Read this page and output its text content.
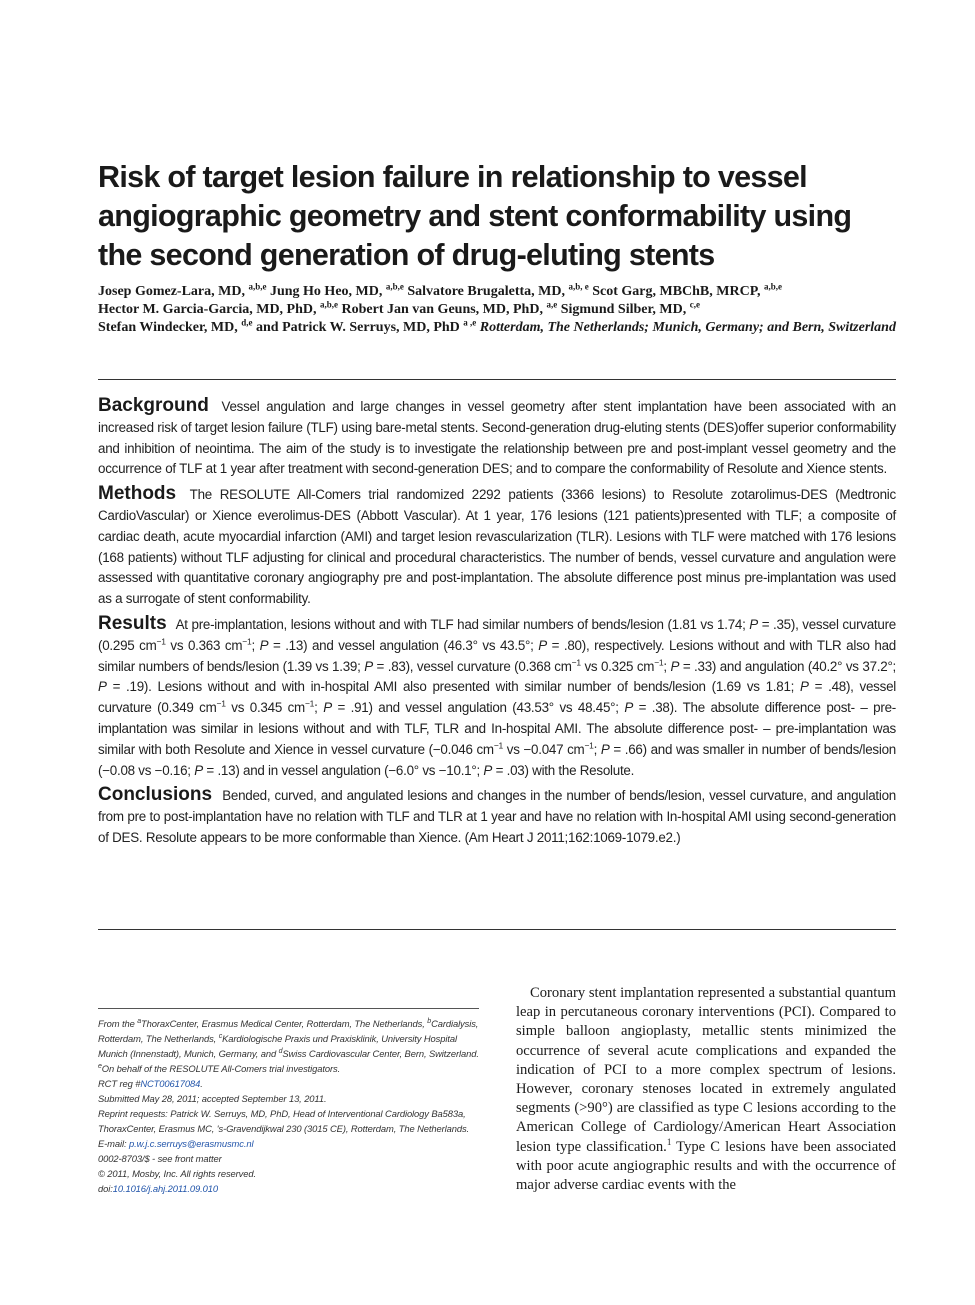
Risk of target lesion failure in relationship to vessel angiographic geometry and stent conformability using the second generation of drug-eluting stents
Josep Gomez-Lara, MD, $^{a,b,e}$ Jung Ho Heo, MD, $^{a,b,e}$ Salvatore Brugaletta, MD, $^{a,b, e}$ Scot Garg, MBChB, MRCP, $^{a,b,e}$
Hector M. Garcia-Garcia, MD, PhD, $^{a,b,e}$ Robert Jan van Geuns, MD, PhD, $^{a,e}$ Sigmund Silber, MD, $^{c,e}$
Stefan Windecker, MD, $^{d,e}$ and Patrick W. Serruys, MD, PhD $^{a ,e}$ Rotterdam, The Netherlands; Munich, Germany; and Bern, Switzerland

Background Vessel angulation and large changes in vessel geometry after stent implantation have been associated with an increased risk of target lesion failure (TLF) using bare-metal stents. Second-generation drug-eluting stents (DES)offer superior conformability and inhibition of neointima. The aim of the study is to investigate the relationship between pre and post-implant vessel geometry and the occurrence of TLF at 1 year after treatment with second-generation DES; and to compare the conformability of Resolute and Xience stents.

Methods The RESOLUTE All-Comers trial randomized 2292 patients (3366 lesions) to Resolute zotarolimus-DES (Medtronic CardioVascular) or Xience everolimus-DES (Abbott Vascular). At 1 year, 176 lesions (121 patients)presented with TLF; a composite of cardiac death, acute myocardial infarction (AMI) and target lesion revascularization (TLR). Lesions with TLF were matched with 176 lesions (168 patients) without TLF adjusting for clinical and procedural characteristics. The number of bends, vessel curvature and angulation were assessed with quantitative coronary angiography pre and post-implantation. The absolute difference post minus pre-implantation was used as a surrogate of stent conformability.

Results At pre-implantation, lesions without and with TLF had similar numbers of bends/lesion (1.81 vs 1.74; P = .35), vessel curvature (0.295 $cm^{-1}$ vs 0.363 $cm^{-1}$; P = .13) and vessel angulation (46.3° vs 43.5°; P = .80), respectively. Lesions without and with TLR also had similar numbers of bends/lesion (1.39 vs 1.39; P = .83), vessel curvature (0.368 $cm^{-1}$ vs 0.325 $cm^{-1}$; P = .33) and angulation (40.2° vs 37.2°; P = .19). Lesions without and with in-hospital AMI also presented with similar number of bends/lesion (1.69 vs 1.81; P = .48), vessel curvature (0.349 $cm^{-1}$ vs 0.345 $cm^{-1}$; P = .91) and vessel angulation (43.53° vs 48.45°; P = .38). The absolute difference post- – pre-implantation was similar in lesions without and with TLF, TLR and In-hospital AMI. The absolute difference post- – pre-implantation was similar with both Resolute and Xience in vessel curvature (−0.046 $cm^{-1}$ vs −0.047 $cm^{-1}$; P = .66) and was smaller in number of bends/lesion (−0.08 vs −0.16; P = .13) and in vessel angulation (−6.0° vs −10.1°; P = .03) with the Resolute.

Conclusions Bended, curved, and angulated lesions and changes in the number of bends/lesion, vessel curvature, and angulation from pre to post-implantation have no relation with TLF and TLR at 1 year and have no relation with In-hospital AMI using second-generation of DES. Resolute appears to be more conformable than Xience. (Am Heart J 2011;162:1069-1079.e2.)

From the $^a$ThoraxCenter, Erasmus Medical Center, Rotterdam, The Netherlands, $^b$Cardialysis, Rotterdam, The Netherlands, $^c$Kardiologische Praxis und Praxisklinik, University Hospital Munich (Innenstadt), Munich, Germany, and $^d$Swiss Cardiovascular Center, Bern, Switzerland.
$^e$On behalf of the RESOLUTE All-Comers trial investigators.
RCT reg #NCT00617084.
Submitted May 28, 2011; accepted September 13, 2011.
Reprint requests: Patrick W. Serruys, MD, PhD, Head of Interventional Cardiology Ba583a, ThoraxCenter, Erasmus MC, 's-Gravendijkwal 230 (3015 CE), Rotterdam, The Netherlands.
E-mail: p.w.j.c.serruys@erasmusmc.nl
0002-8703/$ - see front matter
© 2011, Mosby, Inc. All rights reserved.
doi:10.1016/j.ahj.2011.09.010
Coronary stent implantation represented a substantial quantum leap in percutaneous coronary interventions (PCI). Compared to simple balloon angioplasty, metallic stents minimized the occurrence of several acute complications and expanded the indication of PCI to a more complex spectrum of lesions. However, coronary stenoses located in extremely angulated segments (>90°) are classified as type C lesions according to the American College of Cardiology/American Heart Association lesion type classification.$^1$ Type C lesions have been associated with poor acute angiographic results and with the occurrence of major adverse cardiac events with the
